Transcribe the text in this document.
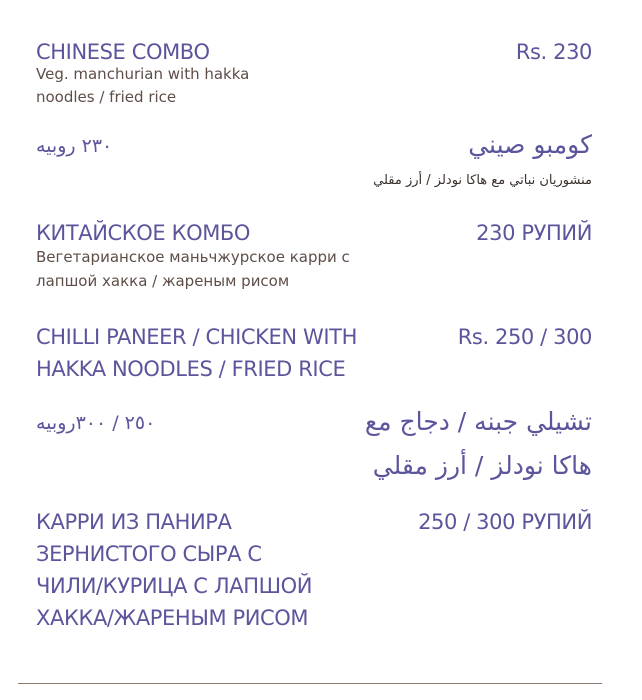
CHINESE COMBO	Rs. 230
Veg. manchurian with hakka
noodles / fried rice
كومبو صيني
٢٣٠ روبيه
منشوريان نباتي مع هاكا نودلز / أرز مقلي
КИТАЙСКОЕ КОМБО	230 РУПИЙ
Вегетарианское маньчжурское карри с
лапшой хакка / жареным рисом
CHILLI PANEER / CHICKEN WITH
HAKKA NOODLES / FRIED RICE
Rs. 250 / 300
تشيلي جبنه / دجاج مع
هاكا نودلز / أرز مقلي
٢٥٠ / ٣٠٠روبيه
КАРРИ ИЗ ПАНИРА
ЗЕРНИСТОГО СЫРА С
ЧИЛИ/КУРИЦА С ЛАПШОЙ
ХАККА/ЖАРЕНЫМ РИСОМ
250 / 300 РУПИЙ
